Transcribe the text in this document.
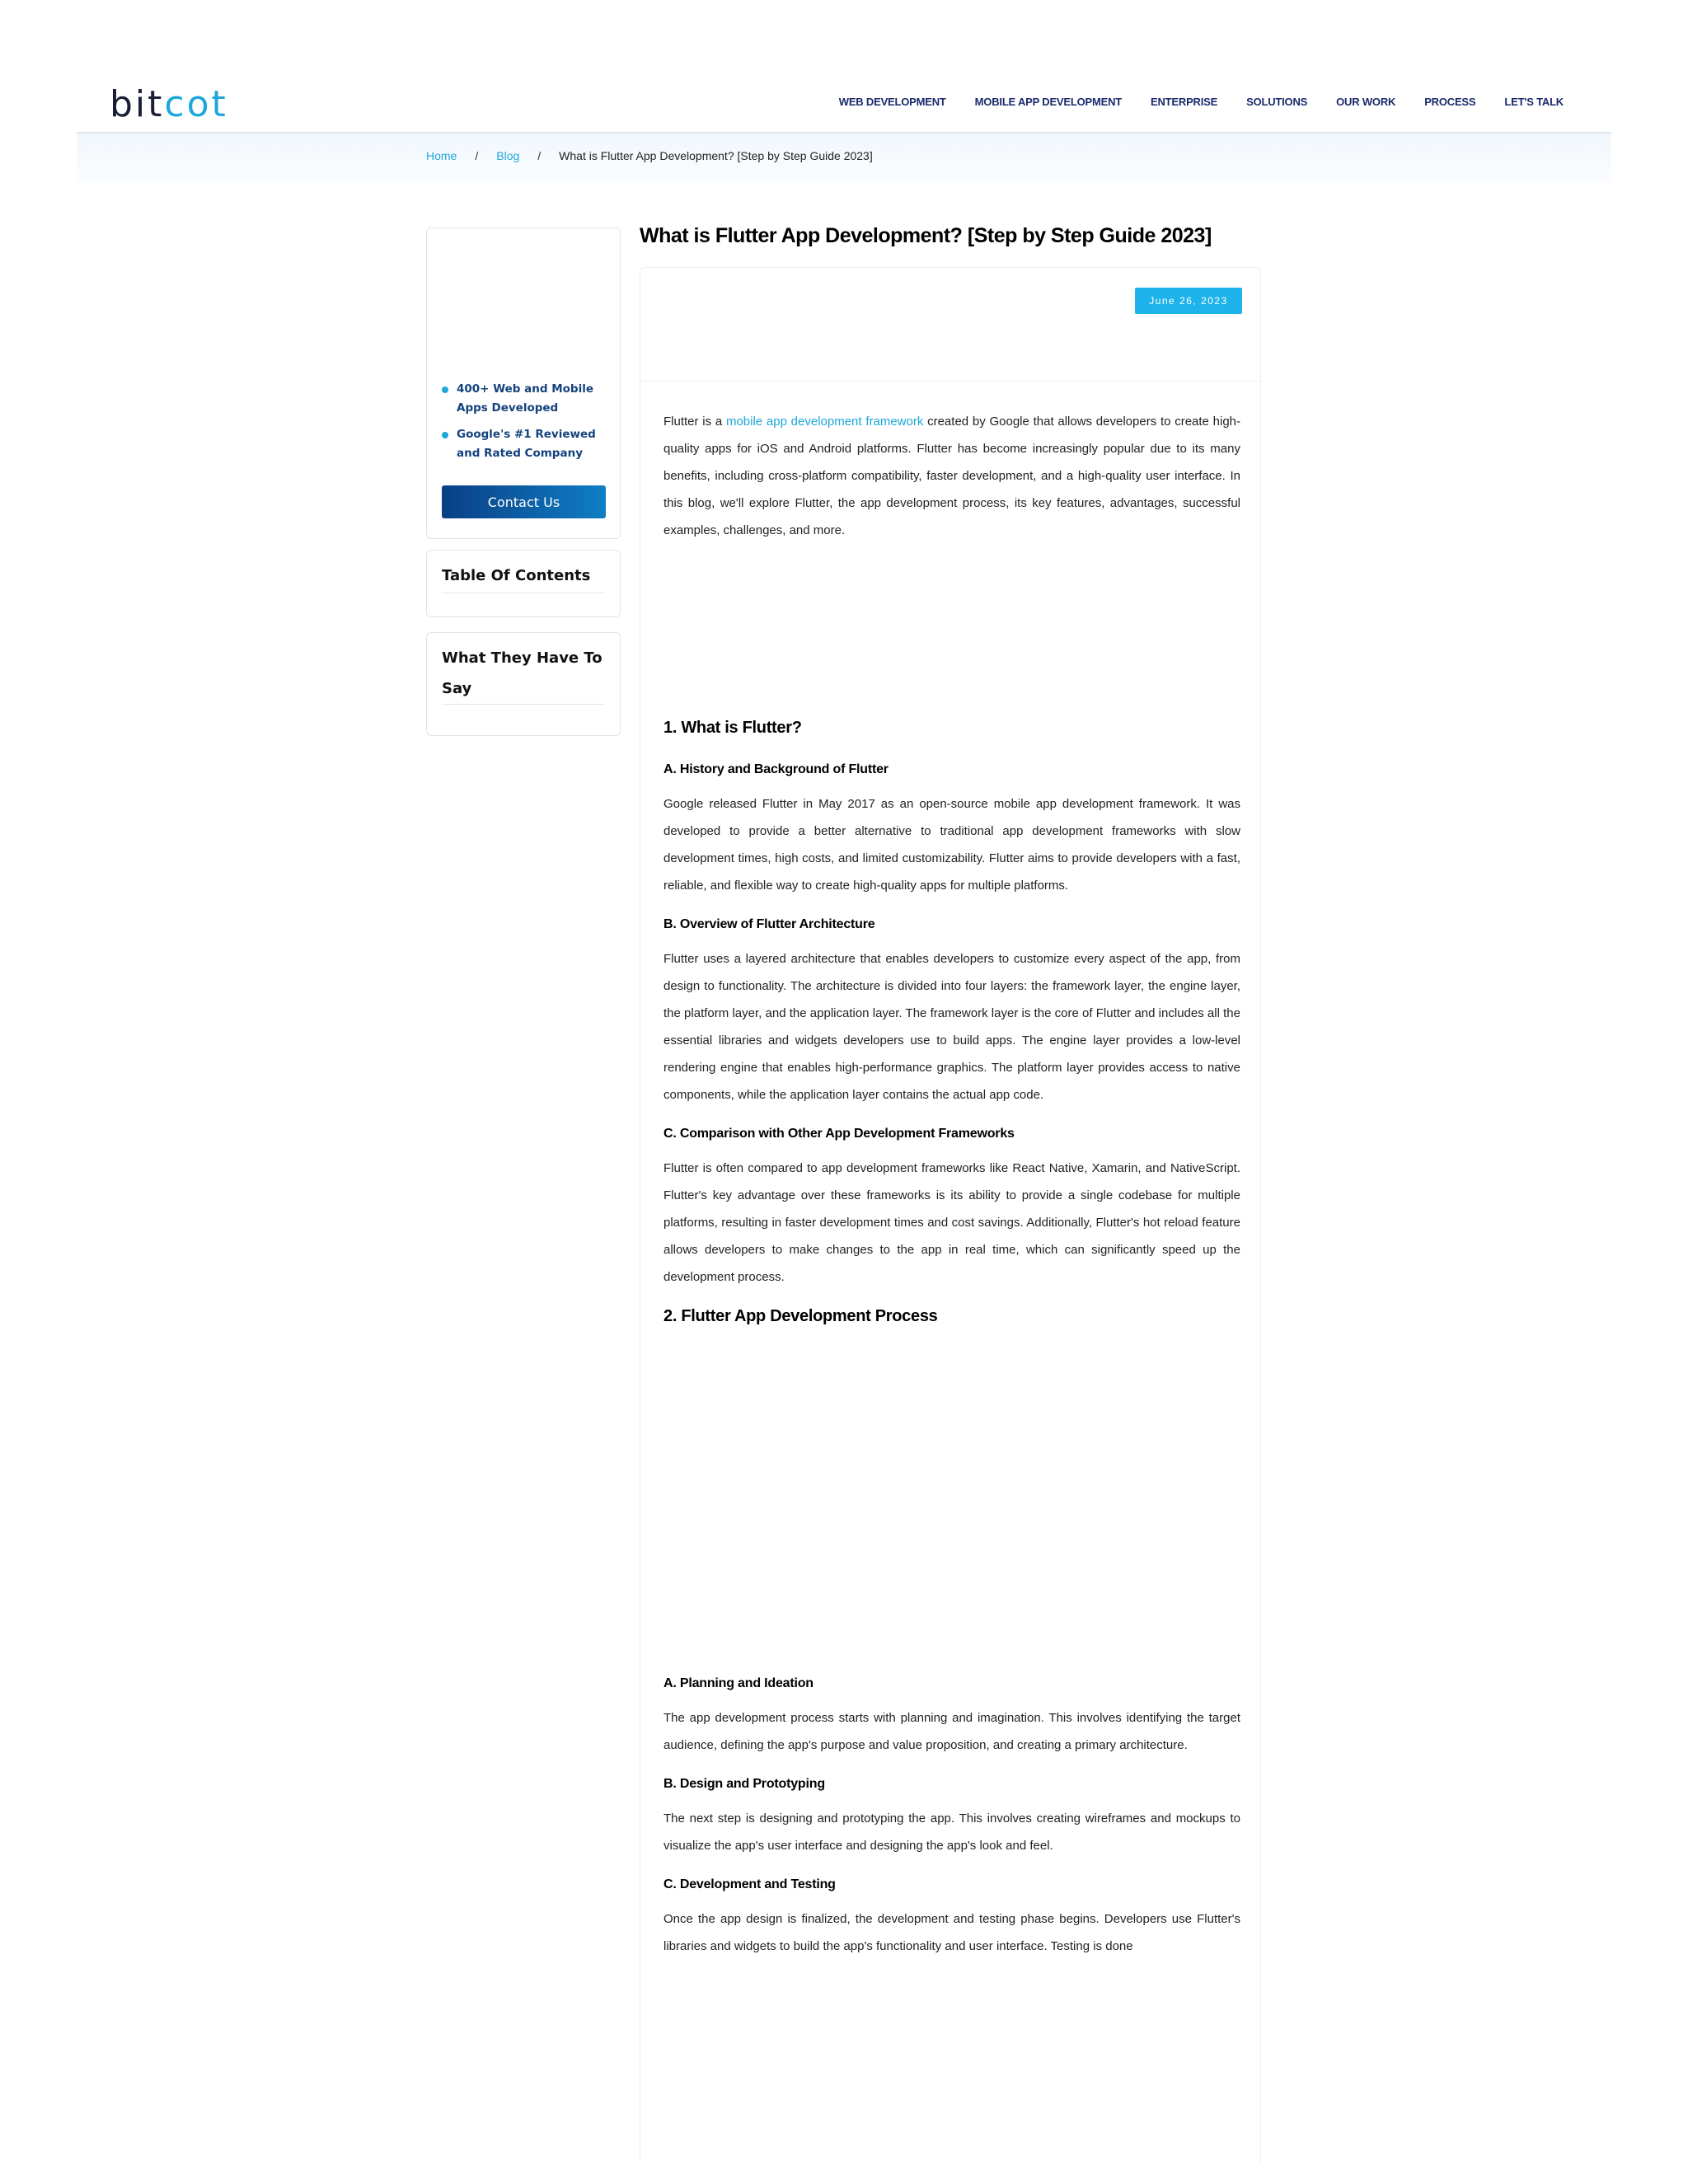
bitcot	WEB DEVELOPMENT	MOBILE APP DEVELOPMENT	ENTERPRISE	SOLUTIONS	OUR WORK	PROCESS	LET'S TALK
Home / Blog / What is Flutter App Development? [Step by Step Guide 2023]
400+ Web and Mobile Apps Developed
Google's #1 Reviewed and Rated Company
Contact Us
Table Of Contents
What They Have To Say
What is Flutter App Development? [Step by Step Guide 2023]
June 26, 2023

Flutter is a mobile app development framework created by Google that allows developers to create high-quality apps for iOS and Android platforms. Flutter has become increasingly popular due to its many benefits, including cross-platform compatibility, faster development, and a high-quality user interface. In this blog, we'll explore Flutter, the app development process, its key features, advantages, successful examples, challenges, and more.

1. What is Flutter?
A. History and Background of Flutter

Google released Flutter in May 2017 as an open-source mobile app development framework. It was developed to provide a better alternative to traditional app development frameworks with slow development times, high costs, and limited customizability. Flutter aims to provide developers with a fast, reliable, and flexible way to create high-quality apps for multiple platforms.

B. Overview of Flutter Architecture

Flutter uses a layered architecture that enables developers to customize every aspect of the app, from design to functionality. The architecture is divided into four layers: the framework layer, the engine layer, the platform layer, and the application layer. The framework layer is the core of Flutter and includes all the essential libraries and widgets developers use to build apps. The engine layer provides a low-level rendering engine that enables high-performance graphics. The platform layer provides access to native components, while the application layer contains the actual app code.

C. Comparison with Other App Development Frameworks

Flutter is often compared to app development frameworks like React Native, Xamarin, and NativeScript. Flutter's key advantage over these frameworks is its ability to provide a single codebase for multiple platforms, resulting in faster development times and cost savings. Additionally, Flutter's hot reload feature allows developers to make changes to the app in real time, which can significantly speed up the development process.

2. Flutter App Development Process
A. Planning and Ideation

The app development process starts with planning and imagination. This involves identifying the target audience, defining the app's purpose and value proposition, and creating a primary architecture.

B. Design and Prototyping

The next step is designing and prototyping the app. This involves creating wireframes and mockups to visualize the app's user interface and designing the app's look and feel.

C. Development and Testing

Once the app design is finalized, the development and testing phase begins. Developers use Flutter's libraries and widgets to build the app's functionality and user interface. Testing is done
